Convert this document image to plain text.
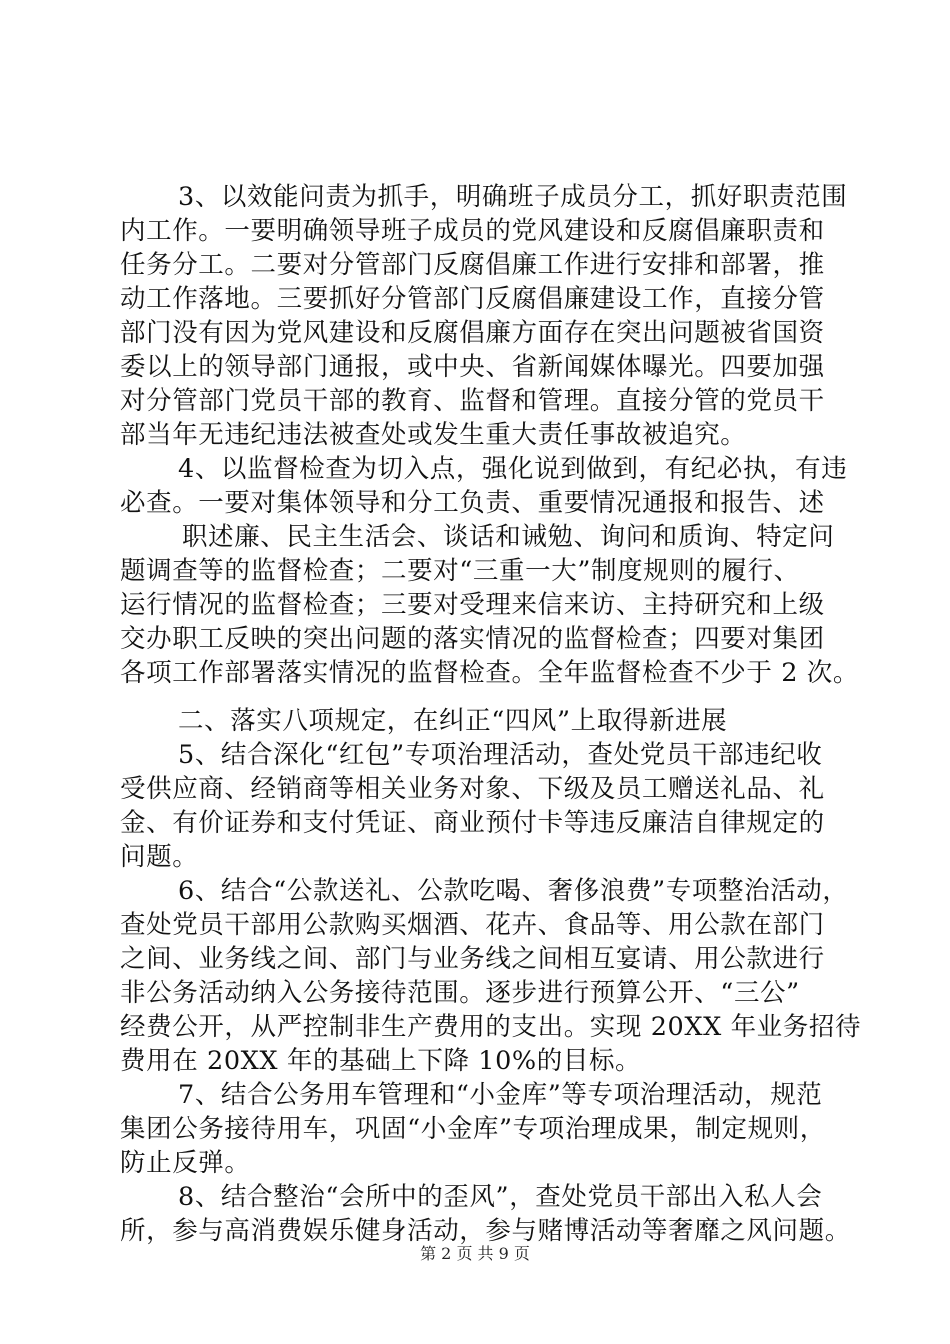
3、以效能问责为抓手，明确班子成员分工，抓好职责范围
内工作。一要明确领导班子成员的党风建设和反腐倡廉职责和
任务分工。二要对分管部门反腐倡廉工作进行安排和部署，推
动工作落地。三要抓好分管部门反腐倡廉建设工作，直接分管
部门没有因为党风建设和反腐倡廉方面存在突出问题被省国资
委以上的领导部门通报，或中央、省新闻媒体曝光。四要加强
对分管部门党员干部的教育、监督和管理。直接分管的党员干
部当年无违纪违法被查处或发生重大责任事故被追究。
4、以监督检查为切入点，强化说到做到，有纪必执，有违
必查。一要对集体领导和分工负责、重要情况通报和报告、述
职述廉、民主生活会、谈话和诫勉、询问和质询、特定问
题调查等的监督检查；二要对“三重一大”制度规则的履行、
运行情况的监督检查；三要对受理来信来访、主持研究和上级
交办职工反映的突出问题的落实情况的监督检查；四要对集团
各项工作部署落实情况的监督检查。全年监督检查不少于 2 次。
二、落实八项规定，在纠正“四风”上取得新进展
5、结合深化“红包”专项治理活动，查处党员干部违纪收
受供应商、经销商等相关业务对象、下级及员工赠送礼品、礼
金、有价证券和支付凭证、商业预付卡等违反廉洁自律规定的
问题。
6、结合“公款送礼、公款吃喝、奢侈浪费”专项整治活动，
查处党员干部用公款购买烟酒、花卉、食品等、用公款在部门
之间、业务线之间、部门与业务线之间相互宴请、用公款进行
非公务活动纳入公务接待范围。逐步进行预算公开、“三公”
经费公开，从严控制非生产费用的支出。实现 20XX 年业务招待
费用在 20XX 年的基础上下降 10%的目标。
7、结合公务用车管理和“小金库”等专项治理活动，规范
集团公务接待用车，巩固“小金库”专项治理成果，制定规则，
防止反弹。
8、结合整治“会所中的歪风”，查处党员干部出入私人会
所，参与高消费娱乐健身活动，参与赌博活动等奢靡之风问题。
第 2 页 共 9 页
